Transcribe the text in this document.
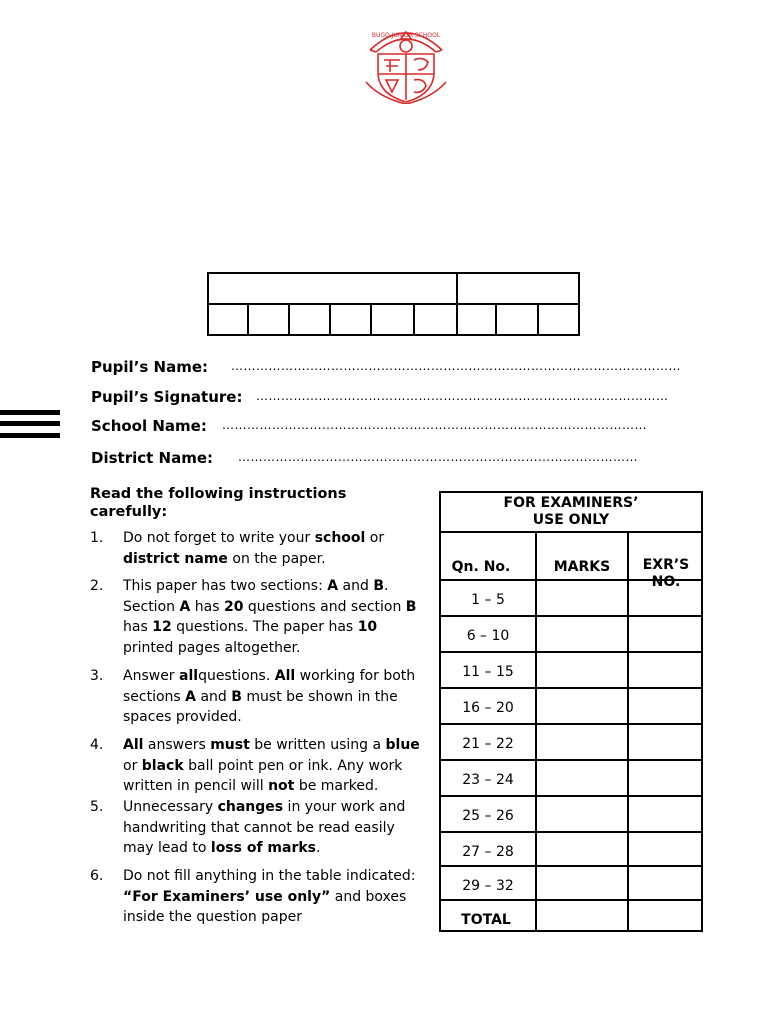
BUGO JUNIOR SCHOOL
Pupil’s Name: ………………………………………………………………………………………………
Pupil’s Signature: ………………………………………………………………………………………
School Name: …………………………………………………………………………………………
District Name: ……………………………………………………………………………………
Read the following instructions carefully:
1. Do not forget to write your school or district name on the paper.
2. This paper has two sections: A and B. Section A has 20 questions and section B has 12 questions. The paper has 10 printed pages altogether.
3. Answer allquestions. All working for both sections A and B must be shown in the spaces provided.
4. All answers must be written using a blue or black ball point pen or ink. Any work written in pencil will not be marked.
5. Unnecessary changes in your work and handwriting that cannot be read easily may lead to loss of marks.
6. Do not fill anything in the table indicated: “For Examiners’ use only” and boxes inside the question paper
FOR EXAMINERS’
USE ONLY
Qn. No.	MARKS	EXR’S
NO.
1 – 5
6 – 10
11 – 15
16 – 20
21 – 22
23 – 24
25 – 26
27 – 28
29 – 32
TOTAL
